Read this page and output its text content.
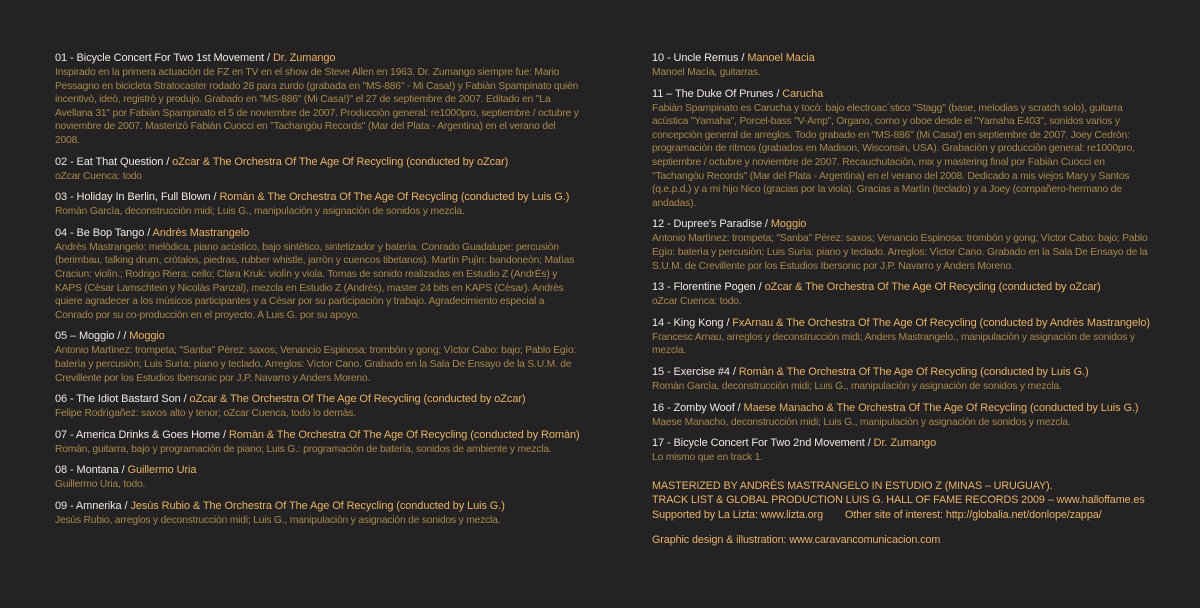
01 - Bicycle Concert For Two 1st Movement / Dr. Zumango
Inspirado en la primera actuaciòn de FZ en TV en el show de Steve Allen en 1963. Dr. Zumango siempre fue: Mario Pessagno en bicicleta Stratocaster rodado 28 para zurdo (grabada en "MS-886" - Mi Casa!) y Fabiàn Spampinato quièn incentivò, ideò, registrò y produjo. Grabado en "MS-886" (Mi Casa!)" el 27 de septiembre de 2007. Editado en "La Avellana 31" por Fabiàn Spampinato el 5 de noviembre de 2007. Producciòn general: re1000pro, septiembre / octubre y noviembre de 2007. Masterizò Fabiàn Cuocci en "Tachangòu Records" (Mar del Plata - Argentina) en el verano del 2008.
02 - Eat That Question / oZcar & The Orchestra Of The Age Of Recycling (conducted by oZcar)
oZcar Cuenca: todo
03 - Holiday In Berlin, Full Blown / Romàn & The Orchestra Of The Age Of Recycling (conducted by Luis G.)
Romàn Garcìa, deconstrucciòn midi; Luis G., manipulaciòn y asignaciòn de sonidos y mezcla.
04 - Be Bop Tango / Andrès Mastrangelo
Andrès Mastrangelo: melòdica, piano acùstico, bajo sintètico, sintetizador y baterìa. Conrado Guadalupe: percusiòn (berimbau, talking drum, cròtalos, piedras, rubber whistle, jarròn y cuencos tibetanos). Martin Pujìn: bandoneòn; Matìas Craciun: violìn.; Rodrigo Riera: cello; Clara Kruk: violìn y viola. Tomas de sonido realizadas en Estudio Z (AndrÈs) y KAPS (Cèsar Lamschtein y Nicolàs Panzal), mezcla en Estudio Z (Andrès), master 24 bits en KAPS (Cèsar). Andrès quiere agradecer a los mùsicos participantes y a Cèsar por su participaciòn y trabajo. Agradecimiento especial a Conrado por su co-producciòn en el proyecto. A Luis G. por su apoyo.
05 – Moggio / / Moggio
Antonio Martìnez: trompeta; "Sanba" Pèrez: saxos; Venancio Espinosa: trombòn y gong; Vìctor Cabo: bajo; Pablo Egìo: baterìa y percusiòn; Luis Surìa: piano y teclado. Arreglos: Vìctor Cano. Grabado en la Sala De Ensayo de la S.U.M. de Crevillente por los Estudios Ibersonic por J.P. Navarro y Anders Moreno.
06 - The Idiot Bastard Son / oZcar & The Orchestra Of The Age Of Recycling (conducted by oZcar)
Felipe Rodrìgañez: saxos alto y tenor; oZcar Cuenca, todo lo demàs.
07 - America Drinks & Goes Home / Romàn & The Orchestra Of The Age Of Recycling (conducted by Romàn)
Romàn, guitarra, bajo y programaciòn de piano; Luis G.: programaciòn de baterìa, sonidos de ambiente y mezcla.
08 - Montana / Guillermo Uria
Guillermo Uria, todo.
09 - Amnerika / Jesùs Rubio & The Orchestra Of The Age Of Recycling (conducted by Luis G.)
Jesùs Rubio, arreglos y deconstrucciòn midi; Luis G., manipulaciòn y asignaciòn de sonidos y mezcla.
10 - Uncle Remus / Manoel Macia
Manoel Macìa, guitarras.
11 – The Duke Of Prunes / Carucha
Fabiàn Spampinato es Carucha y tocò: bajo electroac´stico "Stagg" (base, melodias y scratch solo), guitarra acùstica "Yamaha", Porcel-bass "V-Amp", Organo, corno y oboe desde el "Yamaha E403", sonidos varios y concepciòn general de arreglos. Todo grabado en "MS-886" (Mi Casa!) en septiembre de 2007. Joey Cedròn: programaciòn de ritmos (grabados en Madison, Wisconsin, USA). Grabaciòn y producciòn general: re1000pro, septiembre / octubre y noviembre de 2007. Recauchutaciòn, mix y mastering final por Fabiàn Cuocci en "Tachangòu Records" (Mar del Plata - Argentina) en el verano del 2008. Dedicado a mis viejos Mary y Santos (q.e.p.d.) y a mi hijo Nico (gracias por la viola). Gracias a Martìn (teclado) y a Joey (compañero-hermano de andadas).
12 - Dupree's Paradise / Moggio
Antonio Martìnez: trompeta; "Sanba" Pèrez: saxos; Venancio Espinosa: trombòn y gong; Vìctor Cabo: bajo; Pablo Egìo: baterìa y percusiòn; Luis Surìa: piano y teclado. Arreglos: Vìctor Cano. Grabado en la Sala De Ensayo de la S.U.M. de Crevillente por los Estudios Ibersonic por J.P. Navarro y Anders Moreno.
13 - Florentine Pogen / oZcar & The Orchestra Of The Age Of Recycling (conducted by oZcar)
oZcar Cuenca: todo.
14 - King Kong / FxArnau & The Orchestra Of The Age Of Recycling (conducted by Andrès Mastrangelo)
Francesc Arnau, arreglos y deconstrucciòn midi; Anders Mastrangelo., manipulaciòn y asignaciòn de sonidos y mezcla.
15 - Exercise #4 / Romàn & The Orchestra Of The Age Of Recycling (conducted by Luis G.)
Romàn Garcìa, deconstrucciòn midi; Luis G., manipulaciòn y asignaciòn de sonidos y mezcla.
16 - Zomby Woof / Maese Manacho & The Orchestra Of The Age Of Recycling (conducted by Luis G.)
Maese Manacho, deconstrucciòn midi; Luis G., manipulaciòn y asignaciòn de sonidos y mezcla.
17 - Bicycle Concert For Two 2nd Movement / Dr. Zumango
Lo mismo que en track 1.
MASTERIZED BY ANDRÈS MASTRANGELO IN ESTUDIO Z (MINAS – URUGUAY).
TRACK LIST & GLOBAL PRODUCTION LUIS G. HALL OF FAME RECORDS 2009 – www.halloffame.es
Supported by La Lizta: www.lizta.org Other site of interest: http://globalia.net/donlope/zappa/
Graphic design & illustration: www.caravancomunicacion.com
